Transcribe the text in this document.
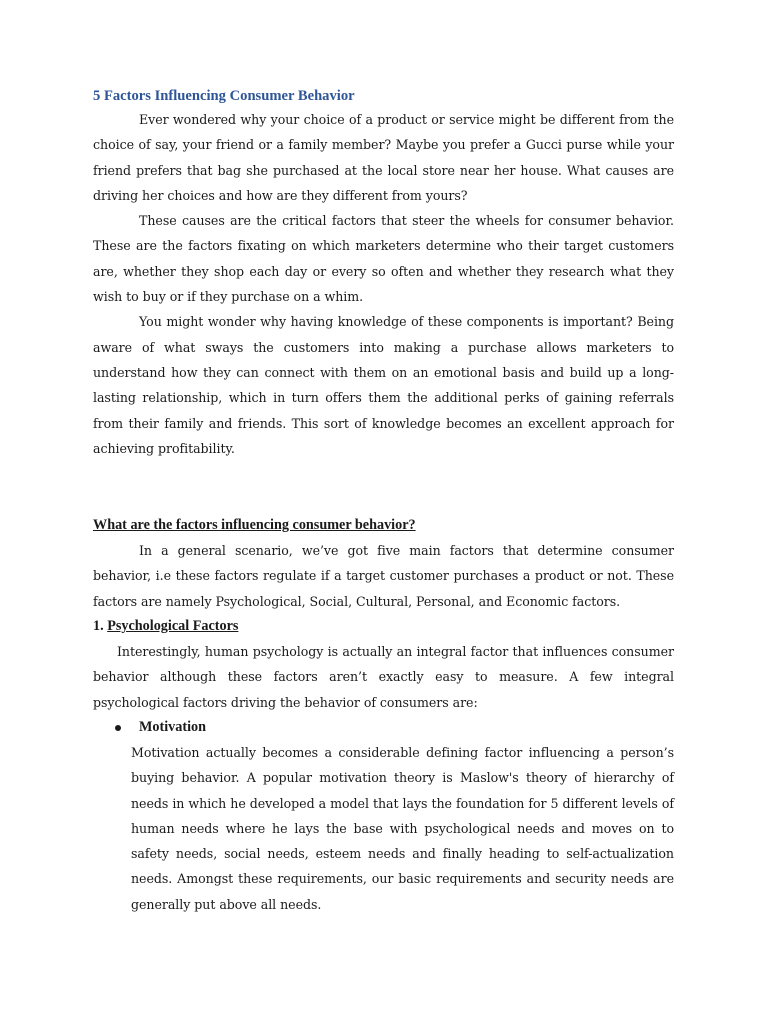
5 Factors Influencing Consumer Behavior

Ever wondered why your choice of a product or service might be different from the choice of say, your friend or a family member? Maybe you prefer a Gucci purse while your friend prefers that bag she purchased at the local store near her house. What causes are driving her choices and how are they different from yours?

These causes are the critical factors that steer the wheels for consumer behavior. These are the factors fixating on which marketers determine who their target customers are, whether they shop each day or every so often and whether they research what they wish to buy or if they purchase on a whim.

You might wonder why having knowledge of these components is important? Being aware of what sways the customers into making a purchase allows marketers to understand how they can connect with them on an emotional basis and build up a long-lasting relationship, which in turn offers them the additional perks of gaining referrals from their family and friends. This sort of knowledge becomes an excellent approach for achieving profitability.

What are the factors influencing consumer behavior?

In a general scenario, we’ve got five main factors that determine consumer behavior, i.e these factors regulate if a target customer purchases a product or not. These factors are namely Psychological, Social, Cultural, Personal, and Economic factors.

1. Psychological Factors

Interestingly, human psychology is actually an integral factor that influences consumer behavior although these factors aren’t exactly easy to measure. A few integral psychological factors driving the behavior of consumers are:

Motivation

Motivation actually becomes a considerable defining factor influencing a person’s buying behavior. A popular motivation theory is Maslow's theory of hierarchy of needs in which he developed a model that lays the foundation for 5 different levels of human needs where he lays the base with psychological needs and moves on to safety needs, social needs, esteem needs and finally heading to self-actualization needs. Amongst these requirements, our basic requirements and security needs are generally put above all needs.
